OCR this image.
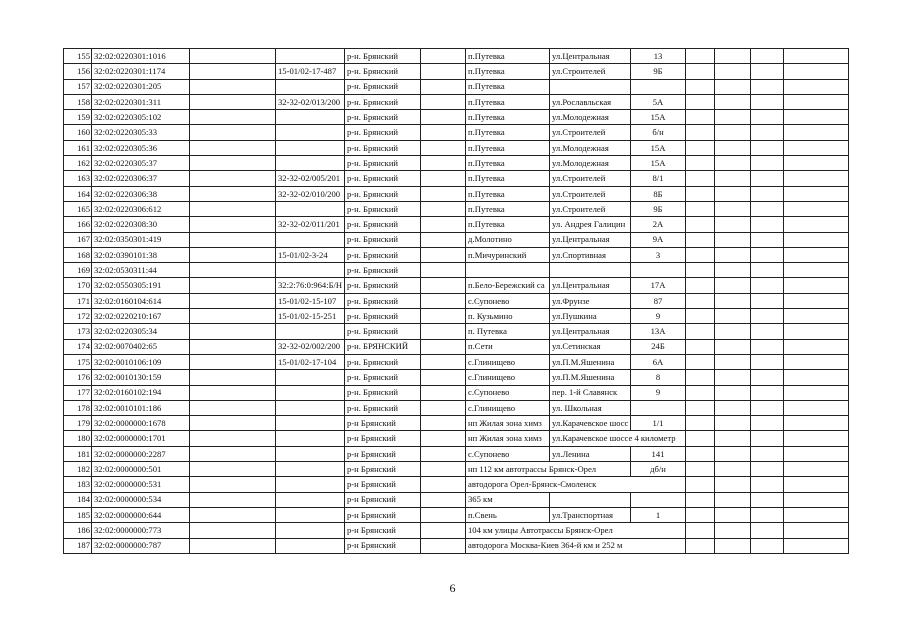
155	32:02:0220301:1016			р-н. Брянский		п.Путевка	ул.Центральная	13				
156	32:02:0220301:1174		15-01/02-17-487	р-н. Брянский		п.Путевка	ул.Строителей	9Б				
157	32:02:0220301:205			р-н. Брянский		п.Путевка						
158	32:02:0220301:311		32-32-02/013/200	р-н. Брянский		п.Путевка	ул.Рославльская	5А				
159	32:02:0220305:102			р-н. Брянский		п.Путевка	ул.Молодежная	15А				
160	32:02:0220305:33			р-н. Брянский		п.Путевка	ул.Строителей	б/н				
161	32:02:0220305:36			р-н. Брянский		п.Путевка	ул.Молодежная	15А				
162	32:02:0220305:37			р-н. Брянский		п.Путевка	ул.Молодежная	15А				
163	32:02:0220306:37		32-32-02/005/201	р-н. Брянский		п.Путевка	ул.Строителей	8/1				
164	32:02:0220306:38		32-32-02/010/200	р-н. Брянский		п.Путевка	ул.Строителей	8Б				
165	32:02:0220306:612			р-н. Брянский		п.Путевка	ул.Строителей	9Б				
166	32:02:0220308:30		32-32-02/011/201	р-н. Брянский		п.Путевка	ул. Андрея Галицин	2А				
167	32:02:0350301:419			р-н. Брянский		д.Молотино	ул.Центральная	9А				
168	32:02:0390101:38		15-01/02-3-24	р-н. Брянский		п.Мичуринский	ул.Спортивная	3				
169	32:02:0530311:44			р-н. Брянский								
170	32:02:0550305:191		32:2:76:0:964:Б/Н	р-н. Брянский		п.Бело-Бережский са	ул.Центральная	17А				
171	32:02:0160104:614		15-01/02-15-107	р-н. Брянский		с.Супонево	ул.Фрунзе	87				
172	32:02:0220210:167		15-01/02-15-251	р-н. Брянский		п. Кузьмино	ул.Пушкина	9				
173	32:02:0220305:34			р-н. Брянский		п. Путевка	ул.Центральная	13А				
174	32:02:0070402:65		32-32-02/002/200	р-н. БРЯНСКИЙ		п.Сети	ул.Сетинская	24Б				
175	32:02:0010106:109		15-01/02-17-104	р-н. Брянский		с.Глинищево	ул.П.М.Яшенина	6А				
176	32:02:0010130:159			р-н. Брянский		с.Глинищево	ул.П.М.Яшенина	8				
177	32:02:0160102:194			р-н. Брянский		с.Супонево	пер. 1-й Славянск	9				
178	32:02:0010101:186			р-н. Брянский		с.Глинищево	ул. Школьная					
179	32:02:0000000:1678			р-н Брянский		нп Жилая зона химз	ул.Карачевское шосс	1/1				
180	32:02:0000000:1701			р-н Брянский		нп Жилая зона химз	ул.Карачевское шоссе 4 километр					
181	32:02:0000000:2287			р-н Брянский		с.Супонево	ул.Ленина	141				
182	32:02:0000000:501			р-н Брянский		нп 112 км автотрассы Брянск-Орел		дб/н				
183	32:02:0000000:531			р-н Брянский		автодорога Орел-Брянск-Смоленск						
184	32:02:0000000:534			р-н Брянский		365 км						
185	32:02:0000000:644			р-н Брянский		п.Свень	ул.Транспортная	1				
186	32:02:0000000:773			р-н Брянский		104 км улицы Автотрассы Брянск-Орел						
187	32:02:0000000:787			р-н Брянский		автодорога Москва-Киев 364-й км и 252 м						
6
